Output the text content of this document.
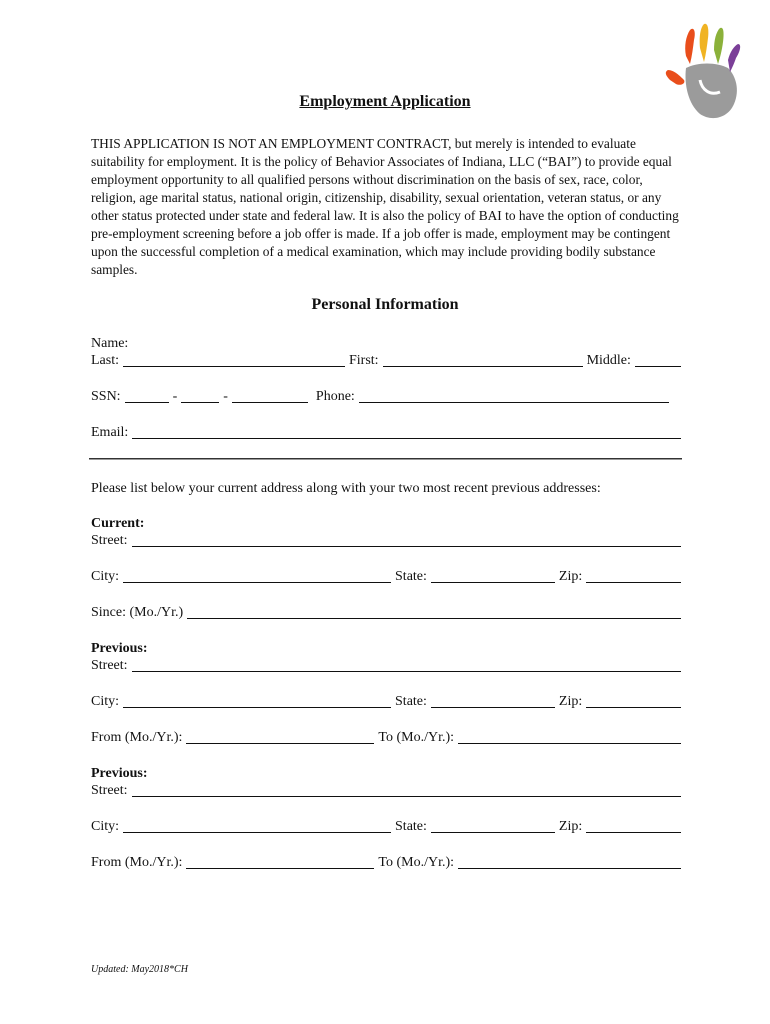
Employment Application

THIS APPLICATION IS NOT AN EMPLOYMENT CONTRACT, but merely is intended to evaluate suitability for employment. It is the policy of Behavior Associates of Indiana, LLC (“BAI”) to provide equal employment opportunity to all qualified persons without discrimination on the basis of sex, race, color, religion, age marital status, national origin, citizenship, disability, sexual orientation, veteran status, or any other status protected under state and federal law. It is also the policy of BAI to have the option of conducting pre-employment screening before a job offer is made. If a job offer is made, employment may be contingent upon the successful completion of a medical examination, which may include providing bodily substance samples.

Personal Information
Name:
Last:	First:	Middle:
SSN:	-	-	Phone:
Email:
Please list below your current address along with your two most recent previous addresses:
Current:
Street:
City:	State:	Zip:
Since: (Mo./Yr.)
Previous:
Street:
City:	State:	Zip:
From (Mo./Yr.):	To (Mo./Yr.):
Previous:
Street:
City:	State:	Zip:
From (Mo./Yr.):	To (Mo./Yr.):
Updated: May2018*CH
